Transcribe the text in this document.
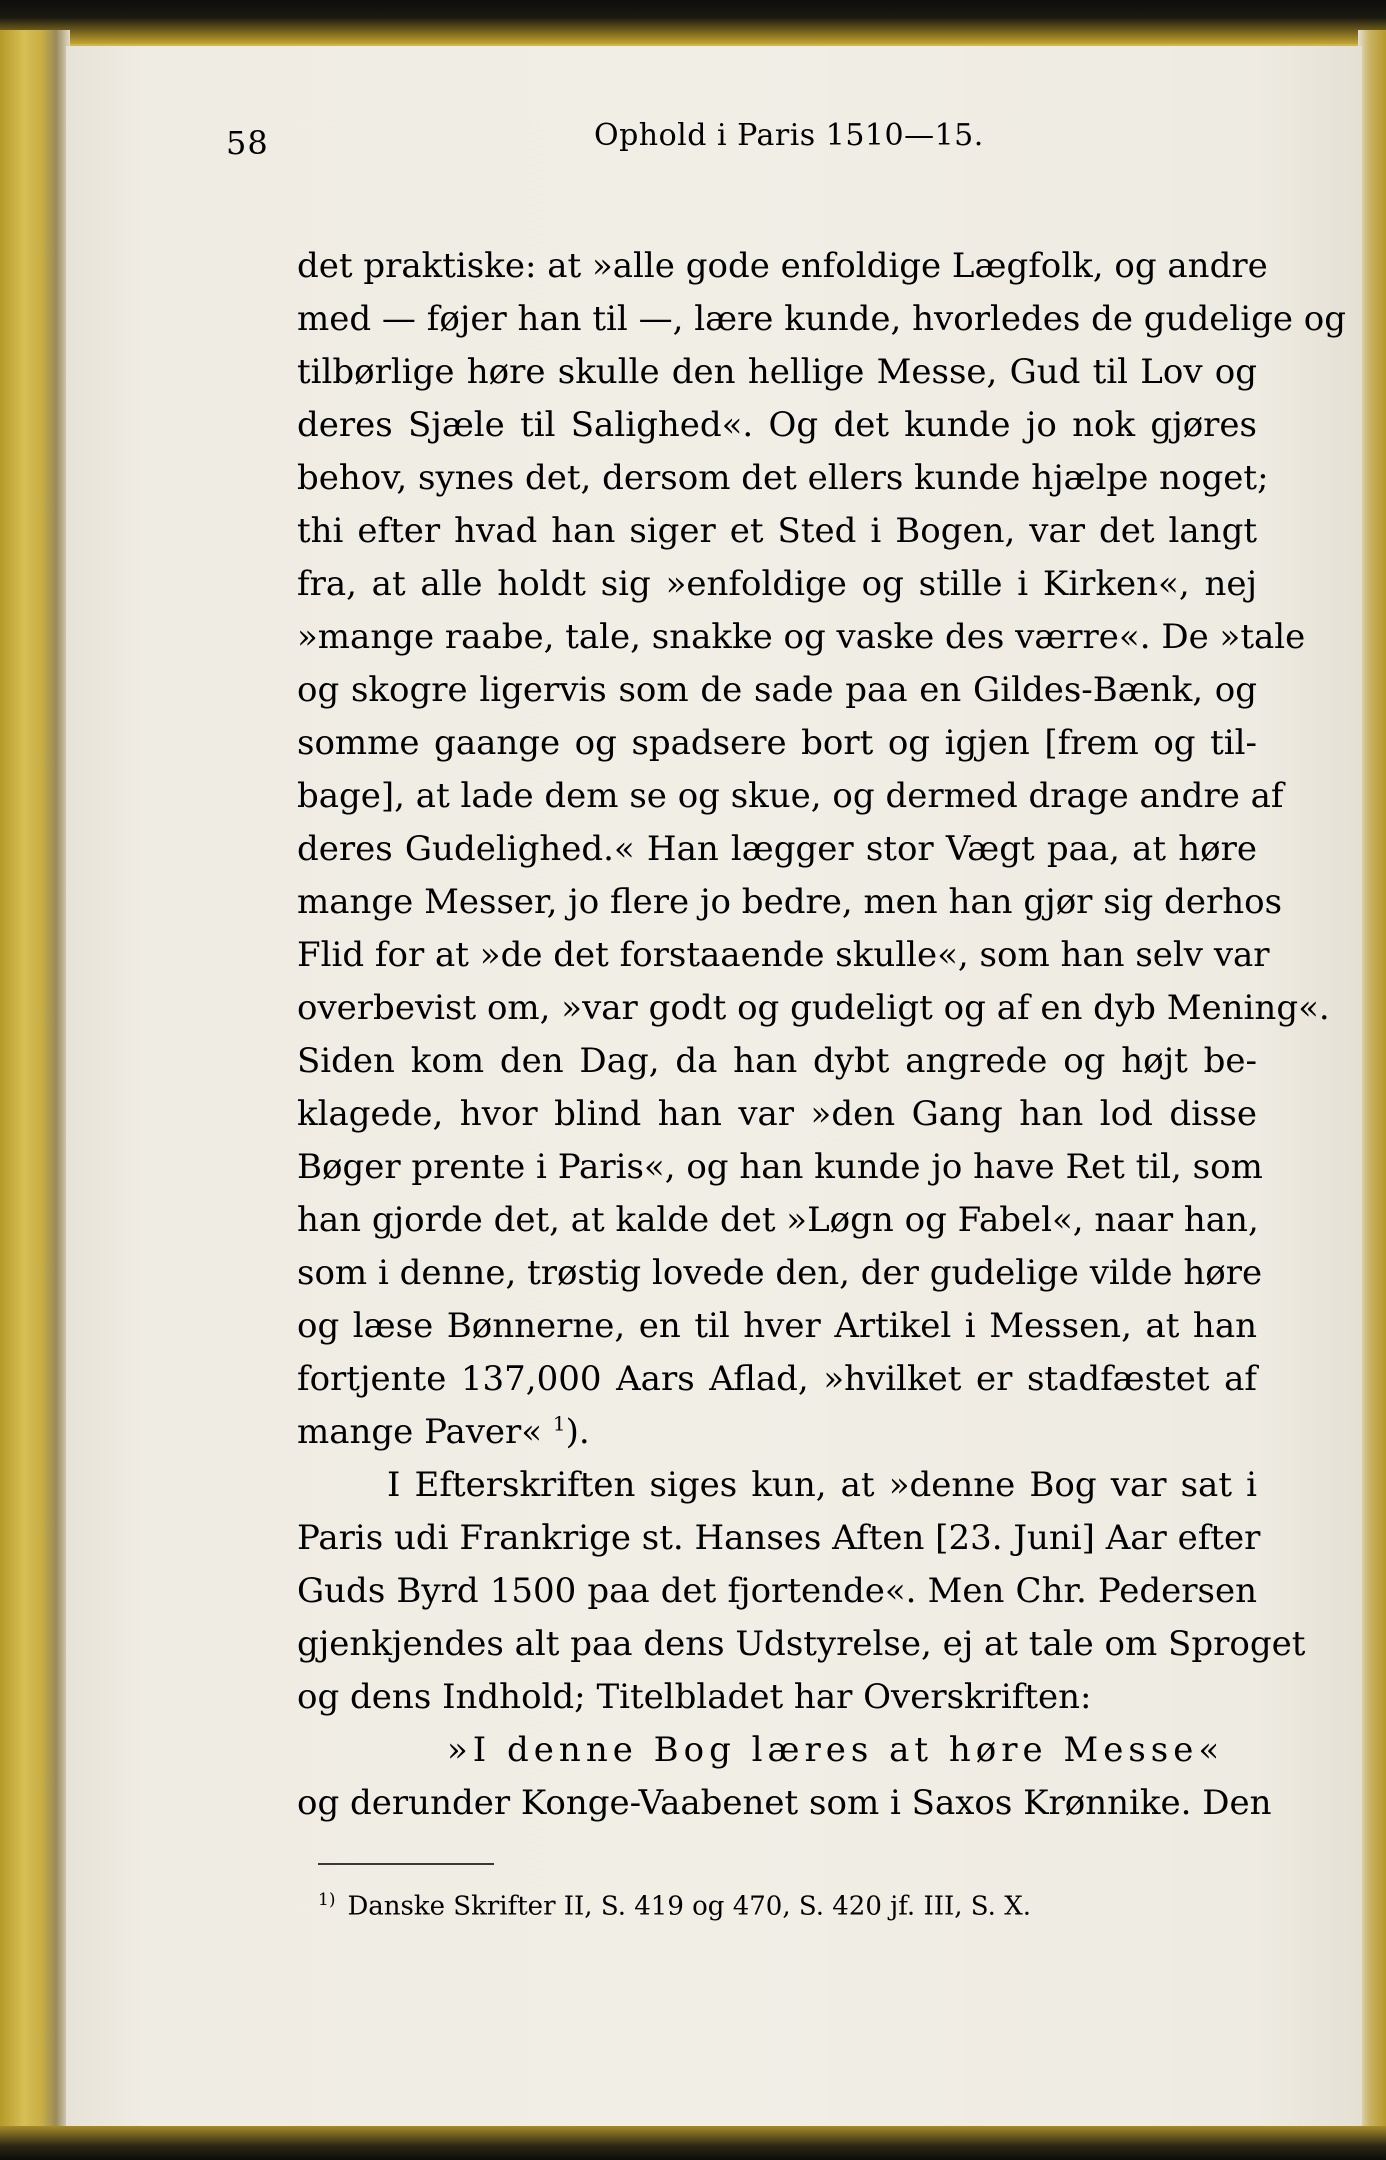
58	Ophold i Paris 1510—15.
det praktiske: at »alle gode enfoldige Lægfolk, og andre
med — føjer han til —, lære kunde, hvorledes de gudelige og
tilbørlige høre skulle den hellige Messe, Gud til Lov og
deres Sjæle til Salighed«. Og det kunde jo nok gjøres
behov, synes det, dersom det ellers kunde hjælpe noget;
thi efter hvad han siger et Sted i Bogen, var det langt
fra, at alle holdt sig »enfoldige og stille i Kirken«, nej
»mange raabe, tale, snakke og vaske des værre«. De »tale
og skogre ligervis som de sade paa en Gildes-Bænk, og
somme gaange og spadsere bort og igjen [frem og til-
bage], at lade dem se og skue, og dermed drage andre af
deres Gudelighed.« Han lægger stor Vægt paa, at høre
mange Messer, jo flere jo bedre, men han gjør sig derhos
Flid for at »de det forstaaende skulle«, som han selv var
overbevist om, »var godt og gudeligt og af en dyb Mening«.
Siden kom den Dag, da han dybt angrede og højt be-
klagede, hvor blind han var »den Gang han lod disse
Bøger prente i Paris«, og han kunde jo have Ret til, som
han gjorde det, at kalde det »Løgn og Fabel«, naar han,
som i denne, trøstig lovede den, der gudelige vilde høre
og læse Bønnerne, en til hver Artikel i Messen, at han
fortjente 137,000 Aars Aflad, »hvilket er stadfæstet af
mange Paver« $^1$).
I Efterskriften siges kun, at »denne Bog var sat i
Paris udi Frankrige st. Hanses Aften [23. Juni] Aar efter
Guds Byrd 1500 paa det fjortende«. Men Chr. Pedersen
gjenkjendes alt paa dens Udstyrelse, ej at tale om Sproget
og dens Indhold; Titelbladet har Overskriften:
»I denne Bog læres at høre Messe«
og derunder Konge-Vaabenet som i Saxos Krønnike. Den
$^{1)}$ Danske Skrifter II, S. 419 og 470, S. 420 jf. III, S. X.
